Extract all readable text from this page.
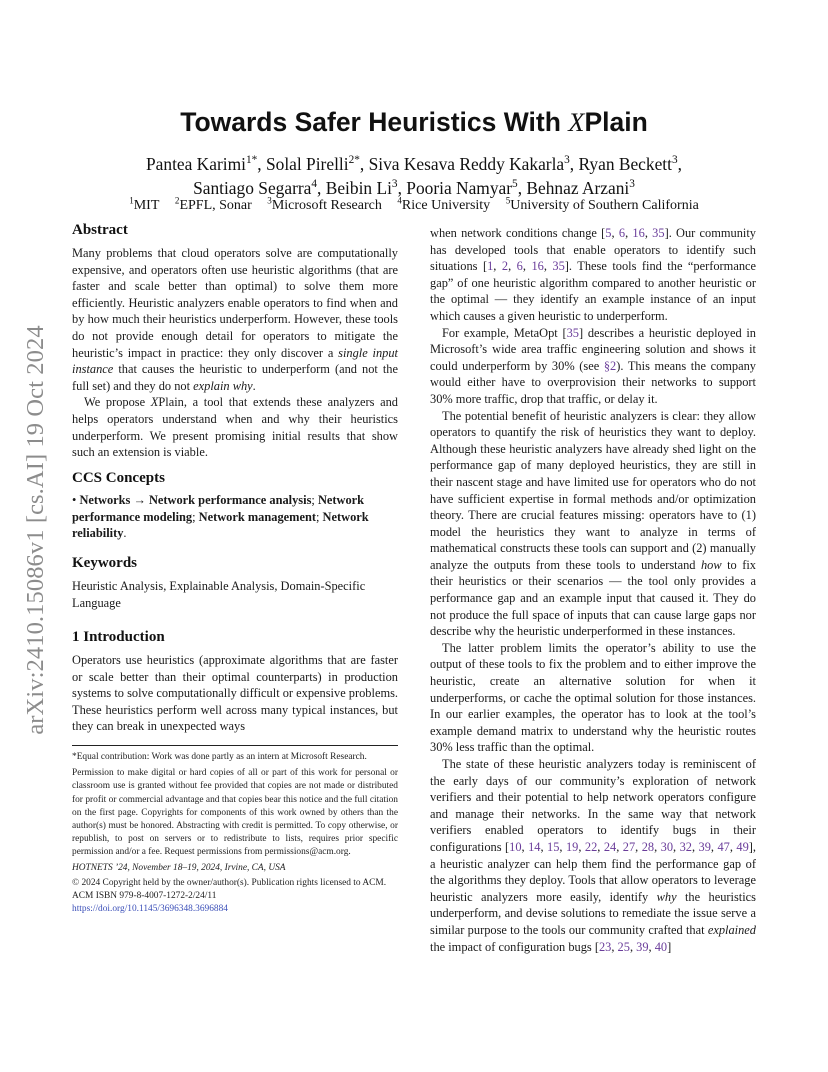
arXiv:2410.15086v1 [cs.AI] 19 Oct 2024
Towards Safer Heuristics With XPlain
Pantea Karimi$^{1*}$, Solal Pirelli$^{2*}$, Siva Kesava Reddy Kakarla$^3$, Ryan Beckett$^3$,
Santiago Segarra$^4$, Beibin Li$^3$, Pooria Namyar$^5$, Behnaz Arzani$^3$
$^1$MIT $^2$EPFL, Sonar $^3$Microsoft Research $^4$Rice University $^5$University of Southern California
Abstract

Many problems that cloud operators solve are computationally expensive, and operators often use heuristic algorithms (that are faster and scale better than optimal) to solve them more efficiently. Heuristic analyzers enable operators to find when and by how much their heuristics underperform. However, these tools do not provide enough detail for operators to mitigate the heuristic’s impact in practice: they only discover a single input instance that causes the heuristic to underperform (and not the full set) and they do not explain why.

We propose XPlain, a tool that extends these analyzers and helps operators understand when and why their heuristics underperform. We present promising initial results that show such an extension is viable.

CCS Concepts

• Networks → Network performance analysis; Network performance modeling; Network management; Network reliability.

Keywords

Heuristic Analysis, Explainable Analysis, Domain-Specific Language

1 Introduction

Operators use heuristics (approximate algorithms that are faster or scale better than their optimal counterparts) in production systems to solve computationally difficult or expensive problems. These heuristics perform well across many typical instances, but they can break in unexpected ways

*Equal contribution: Work was done partly as an intern at Microsoft Research.

Permission to make digital or hard copies of all or part of this work for personal or classroom use is granted without fee provided that copies are not made or distributed for profit or commercial advantage and that copies bear this notice and the full citation on the first page. Copyrights for components of this work owned by others than the author(s) must be honored. Abstracting with credit is permitted. To copy otherwise, or republish, to post on servers or to redistribute to lists, requires prior specific permission and/or a fee. Request permissions from permissions@acm.org.

HOTNETS ’24, November 18–19, 2024, Irvine, CA, USA

© 2024 Copyright held by the owner/author(s). Publication rights licensed to ACM.

ACM ISBN 979-8-4007-1272-2/24/11

https://doi.org/10.1145/3696348.3696884

when network conditions change [5, 6, 16, 35]. Our community has developed tools that enable operators to identify such situations [1, 2, 6, 16, 35]. These tools find the “performance gap” of one heuristic algorithm compared to another heuristic or the optimal — they identify an example instance of an input which causes a given heuristic to underperform.

For example, MetaOpt [35] describes a heuristic deployed in Microsoft’s wide area traffic engineering solution and shows it could underperform by 30% (see §2). This means the company would either have to overprovision their networks to support 30% more traffic, drop that traffic, or delay it.

The potential benefit of heuristic analyzers is clear: they allow operators to quantify the risk of heuristics they want to deploy. Although these heuristic analyzers have already shed light on the performance gap of many deployed heuristics, they are still in their nascent stage and have limited use for operators who do not have sufficient expertise in formal methods and/or optimization theory. There are crucial features missing: operators have to (1) model the heuristics they want to analyze in terms of mathematical constructs these tools can support and (2) manually analyze the outputs from these tools to understand how to fix their heuristics or their scenarios — the tool only provides a performance gap and an example input that caused it. They do not produce the full space of inputs that can cause large gaps nor describe why the heuristic underperformed in these instances.

The latter problem limits the operator’s ability to use the output of these tools to fix the problem and to either improve the heuristic, create an alternative solution for when it underperforms, or cache the optimal solution for those instances. In our earlier examples, the operator has to look at the tool’s example demand matrix to understand why the heuristic routes 30% less traffic than the optimal.

The state of these heuristic analyzers today is reminiscent of the early days of our community’s exploration of network verifiers and their potential to help network operators configure and manage their networks. In the same way that network verifiers enabled operators to identify bugs in their configurations [10, 14, 15, 19, 22, 24, 27, 28, 30, 32, 39, 47, 49], a heuristic analyzer can help them find the performance gap of the algorithms they deploy. Tools that allow operators to leverage heuristic analyzers more easily, identify why the heuristics underperform, and devise solutions to remediate the issue serve a similar purpose to the tools our community crafted that explained the impact of configuration bugs [23, 25, 39, 40]
